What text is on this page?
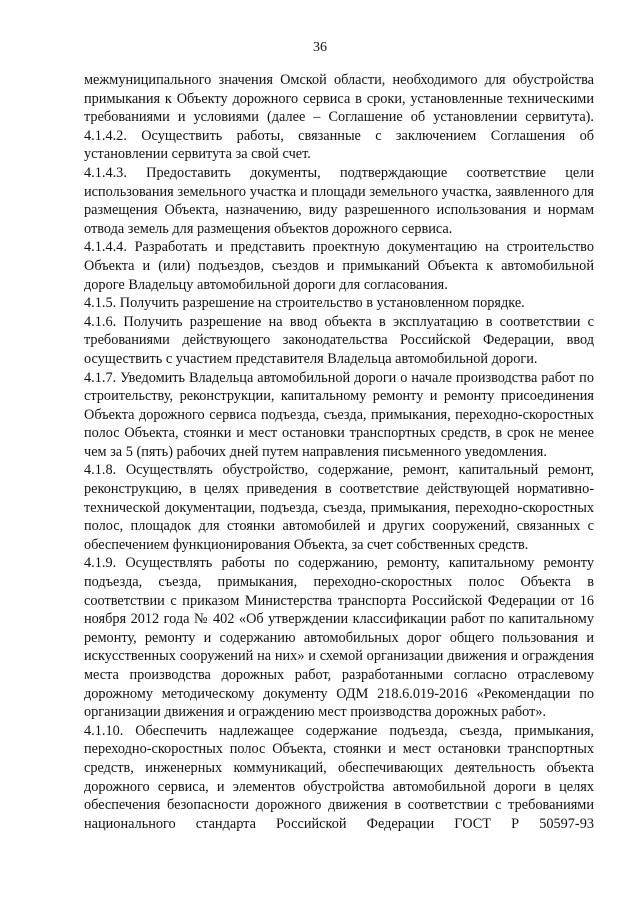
36

межмуниципального значения Омской области, необходимого для обустройства примыкания к Объекту дорожного сервиса в сроки, установленные техническими требованиями и условиями (далее – Соглашение об установлении сервитута).

4.1.4.2. Осуществить работы, связанные с заключением Соглашения об установлении сервитута за свой счет.

4.1.4.3. Предоставить документы, подтверждающие соответствие цели использования земельного участка и площади земельного участка, заявленного для размещения Объекта, назначению, виду разрешенного использования и нормам отвода земель для размещения объектов дорожного сервиса.

4.1.4.4. Разработать и представить проектную документацию на строительство Объекта и (или) подъездов, съездов и примыканий Объекта к автомобильной дороге Владельцу автомобильной дороги для согласования.

4.1.5. Получить разрешение на строительство в установленном порядке.

4.1.6. Получить разрешение на ввод объекта в эксплуатацию в соответствии с требованиями действующего законодательства Российской Федерации, ввод осуществить с участием представителя Владельца автомобильной дороги.

4.1.7. Уведомить Владельца автомобильной дороги о начале производства работ по строительству, реконструкции, капитальному ремонту и ремонту присоединения Объекта дорожного сервиса подъезда, съезда, примыкания, переходно-скоростных полос Объекта, стоянки и мест остановки транспортных средств, в срок не менее чем за 5 (пять) рабочих дней путем направления письменного уведомления.

4.1.8. Осуществлять обустройство, содержание, ремонт, капитальный ремонт, реконструкцию, в целях приведения в соответствие действующей нормативно-технической документации, подъезда, съезда, примыкания, переходно-скоростных полос, площадок для стоянки автомобилей и других сооружений, связанных с обеспечением функционирования Объекта, за счет собственных средств.

4.1.9. Осуществлять работы по содержанию, ремонту, капитальному ремонту подъезда, съезда, примыкания, переходно-скоростных полос Объекта в соответствии с приказом Министерства транспорта Российской Федерации от 16 ноября 2012 года № 402 «Об утверждении классификации работ по капитальному ремонту, ремонту и содержанию автомобильных дорог общего пользования и искусственных сооружений на них» и схемой организации движения и ограждения места производства дорожных работ, разработанными согласно отраслевому дорожному методическому документу ОДМ 218.6.019-2016 «Рекомендации по организации движения и ограждению мест производства дорожных работ».

4.1.10. Обеспечить надлежащее содержание подъезда, съезда, примыкания, переходно-скоростных полос Объекта, стоянки и мест остановки транспортных средств, инженерных коммуникаций, обеспечивающих деятельность объекта дорожного сервиса, и элементов обустройства автомобильной дороги в целях обеспечения безопасности дорожного движения в соответствии с требованиями национального стандарта Российской Федерации ГОСТ Р 50597-93
